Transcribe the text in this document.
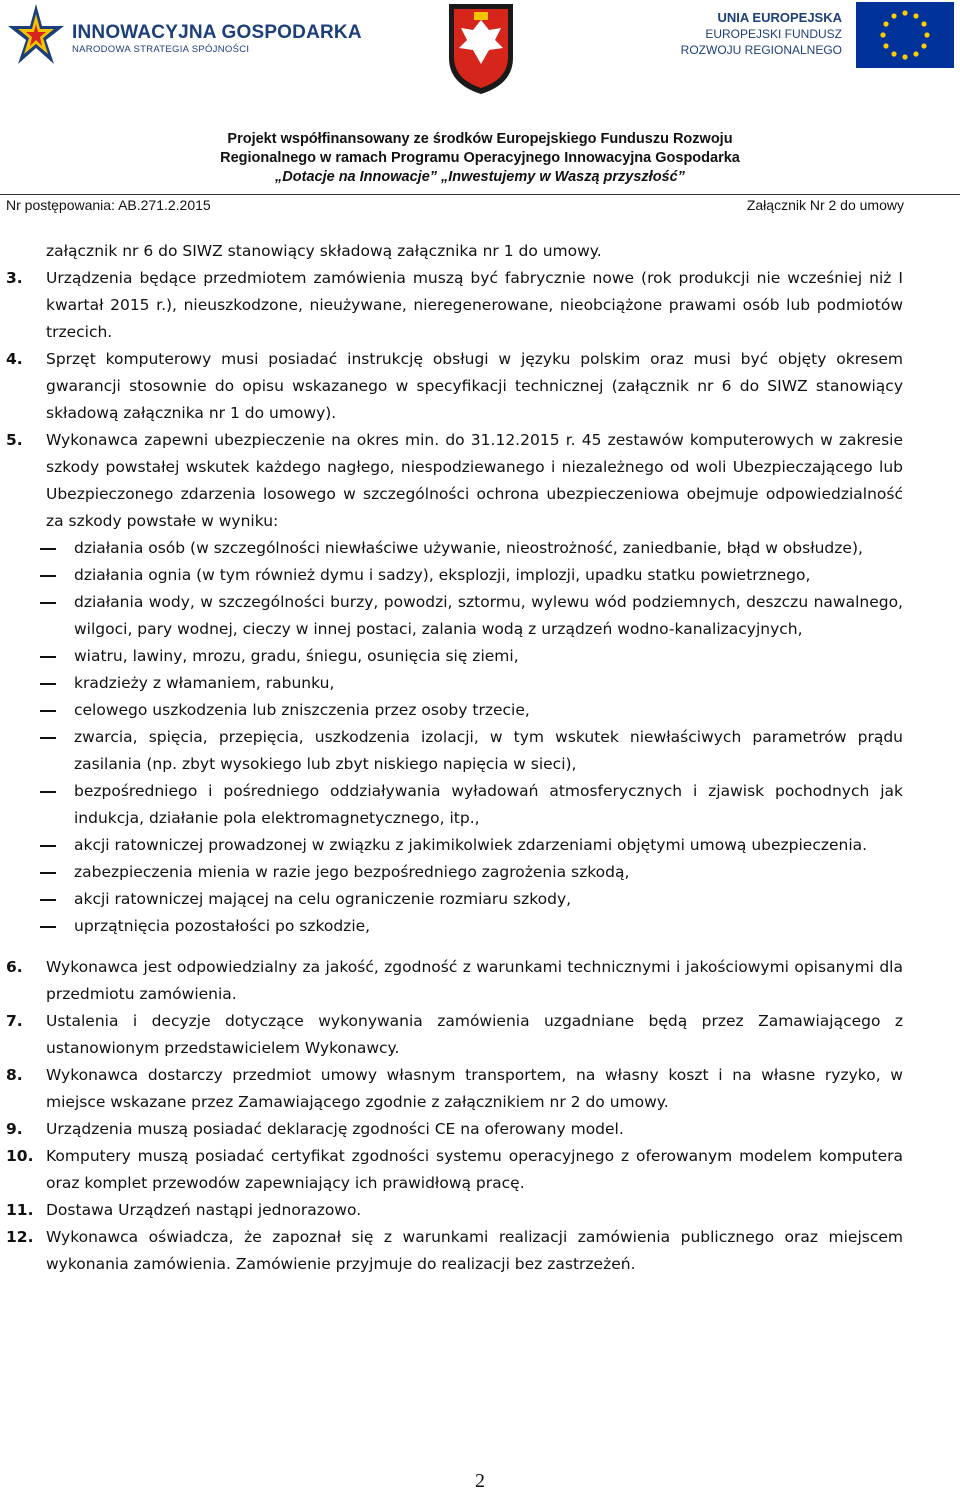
INNOWACYJNA GOSPODARKA
NARODOWA STRATEGIA SPÓJNOŚCI
UNIA EUROPEJSKA
EUROPEJSKI FUNDUSZ
ROZWOJU REGIONALNEGO
Projekt współfinansowany ze środków Europejskiego Funduszu Rozwoju
Regionalnego w ramach Programu Operacyjnego Innowacyjna Gospodarka
„Dotacje na Innowacje” „Inwestujemy w Waszą przyszłość”
Nr postępowania: AB.271.2.2015	Załącznik Nr 2 do umowy

załącznik nr 6 do SIWZ stanowiący składową załącznika nr 1 do umowy.

3. Urządzenia będące przedmiotem zamówienia muszą być fabrycznie nowe (rok produkcji nie wcześniej niż I kwartał 2015 r.), nieuszkodzone, nieużywane, nieregenerowane, nieobciążone prawami osób lub podmiotów trzecich.
4. Sprzęt komputerowy musi posiadać instrukcję obsługi w języku polskim oraz musi być objęty okresem gwarancji stosownie do opisu wskazanego w specyfikacji technicznej (załącznik nr 6 do SIWZ stanowiący składową załącznika nr 1 do umowy).
5. Wykonawca zapewni ubezpieczenie na okres min. do 31.12.2015 r. 45 zestawów komputerowych w zakresie szkody powstałej wskutek każdego nagłego, niespodziewanego i niezależnego od woli Ubezpieczającego lub Ubezpieczonego zdarzenia losowego w szczególności ochrona ubezpieczeniowa obejmuje odpowiedzialność za szkody powstałe w wyniku:
działania osób (w szczególności niewłaściwe używanie, nieostrożność, zaniedbanie, błąd w obsłudze),
działania ognia (w tym również dymu i sadzy), eksplozji, implozji, upadku statku powietrznego,
działania wody, w szczególności burzy, powodzi, sztormu, wylewu wód podziemnych, deszczu nawalnego, wilgoci, pary wodnej, cieczy w innej postaci, zalania wodą z urządzeń wodno-kanalizacyjnych,
wiatru, lawiny, mrozu, gradu, śniegu, osunięcia się ziemi,
kradzieży z włamaniem, rabunku,
celowego uszkodzenia lub zniszczenia przez osoby trzecie,
zwarcia, spięcia, przepięcia, uszkodzenia izolacji, w tym wskutek niewłaściwych parametrów prądu zasilania (np. zbyt wysokiego lub zbyt niskiego napięcia w sieci),
bezpośredniego i pośredniego oddziaływania wyładowań atmosferycznych i zjawisk pochodnych jak indukcja, działanie pola elektromagnetycznego, itp.,
akcji ratowniczej prowadzonej w związku z jakimikolwiek zdarzeniami objętymi umową ubezpieczenia.
zabezpieczenia mienia w razie jego bezpośredniego zagrożenia szkodą,
akcji ratowniczej mającej na celu ograniczenie rozmiaru szkody,
uprzątnięcia pozostałości po szkodzie,
6. Wykonawca jest odpowiedzialny za jakość, zgodność z warunkami technicznymi i jakościowymi opisanymi dla przedmiotu zamówienia.
7. Ustalenia i decyzje dotyczące wykonywania zamówienia uzgadniane będą przez Zamawiającego z ustanowionym przedstawicielem Wykonawcy.
8. Wykonawca dostarczy przedmiot umowy własnym transportem, na własny koszt i na własne ryzyko, w miejsce wskazane przez Zamawiającego zgodnie z załącznikiem nr 2 do umowy.
9. Urządzenia muszą posiadać deklarację zgodności CE na oferowany model.
10. Komputery muszą posiadać certyfikat zgodności systemu operacyjnego z oferowanym modelem komputera oraz komplet przewodów zapewniający ich prawidłową pracę.
11. Dostawa Urządzeń nastąpi jednorazowo.
12. Wykonawca oświadcza, że zapoznał się z warunkami realizacji zamówienia publicznego oraz miejscem wykonania zamówienia. Zamówienie przyjmuje do realizacji bez zastrzeżeń.
2
